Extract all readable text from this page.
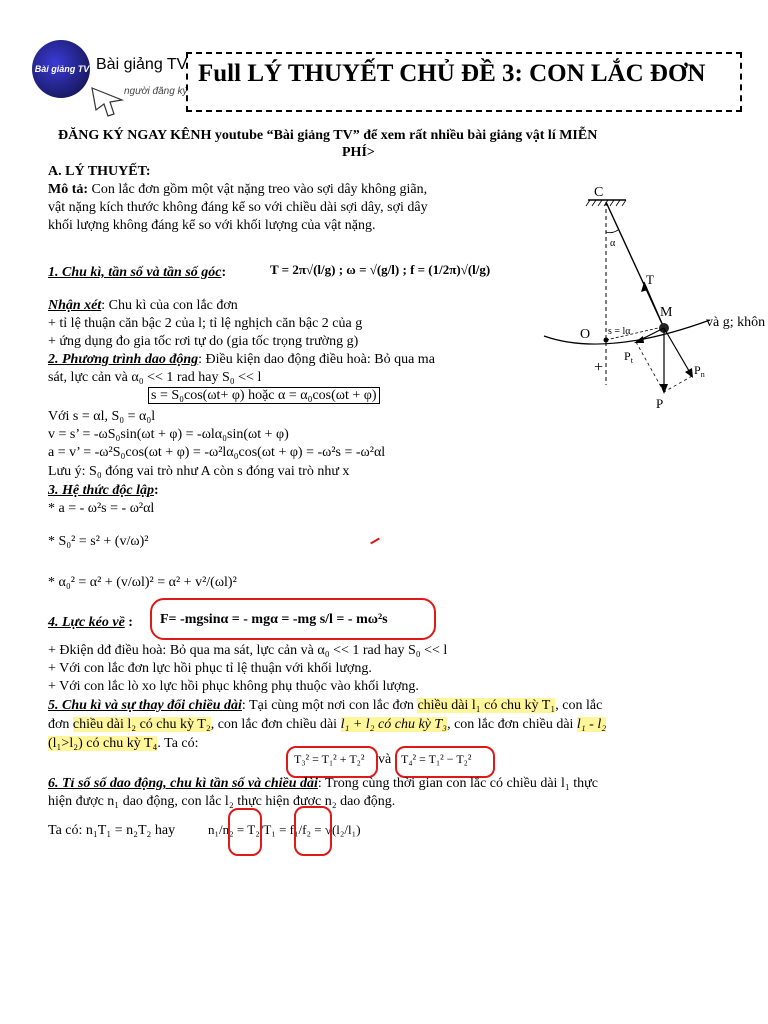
Bài giảng TV Bài giảng TV
người đăng ký
Full LÝ THUYẾT CHỦ ĐỀ 3: CON LẮC ĐƠN
ĐĂNG KÝ NGAY KÊNH youtube “Bài giảng TV” để xem rất nhiều bài giảng vật lí MIỄN
PHÍ>
A. LÝ THUYẾT:
Mô tả: Con lắc đơn gồm một vật nặng treo vào sợi dây không giãn,
vật nặng kích thước không đáng kể so với chiều dài sợi dây, sợi dây
khối lượng không đáng kể so với khối lượng của vật nặng.
1. Chu kì, tần số và tần số góc:	T = 2π√(l/g) ; ω = √(g/l) ; f = (1/2π)√(l/g)
Nhận xét: Chu kì của con lắc đơn
+ tỉ lệ thuận căn bậc 2 của l; tỉ lệ nghịch căn bậc 2 của g	và g; khôn
+ ứng dụng đo gia tốc rơi tự do (gia tốc trọng trường g)
2. Phương trình dao động: Điều kiện dao động điều hoà: Bỏ qua ma
sát, lực cản và α₀ << 1 rad hay S₀ << l
s = S₀cos(ωt+ φ) hoặc α = α₀cos(ωt + φ)
Với s = αl, S₀ = α₀l
v = s’ = -ωS₀sin(ωt + φ) = -ωlα₀sin(ωt + φ)
a = v’ = -ω²S₀cos(ωt + φ) = -ω²lα₀cos(ωt + φ) = -ω²s = -ω²αl
Lưu ý: S₀ đóng vai trò như A còn s đóng vai trò như x
3. Hệ thức độc lập:
* a = - ω²s = - ω²αl
* S₀² = s² + (v/ω)²
* α₀² = α² + (v/ωl)² = α² + v²/(ωl)²
4. Lực kéo về : F= -mgsinα = - mgα = -mg s/l = - mω²s
+ Đkiện dđ điều hoà: Bỏ qua ma sát, lực cản và α₀ << 1 rad hay S₀ << l
+ Với con lắc đơn lực hồi phục tỉ lệ thuận với khối lượng.
+ Với con lắc lò xo lực hồi phục không phụ thuộc vào khối lượng.
5. Chu kì và sự thay đổi chiều dài: Tại cùng một nơi con lắc đơn chiều dài l₁ có chu kỳ T₁, con lắc
đơn chiều dài l₂ có chu kỳ T₂, con lắc đơn chiều dài l₁ + l₂ có chu kỳ T₃, con lắc đơn chiều dài l₁ - l₂
(l₁>l₂) có chu kỳ T₄. Ta có:
T₃² = T₁² + T₂² và T₄² = T₁² − T₂²
6. Tỉ số số dao động, chu kì tần số và chiều dài: Trong cùng thời gian con lắc có chiều dài l₁ thực
hiện được n₁ dao động, con lắc l₂ thực hiện được n₂ dao động.
Ta có: n₁T₁ = n₂T₂ hay	n₁/n₂ = T₂/T₁ = f₁/f₂ = √(l₂/l₁)
C
α
T
M
O s = lα
$P_t$
$P_n$
P
+
